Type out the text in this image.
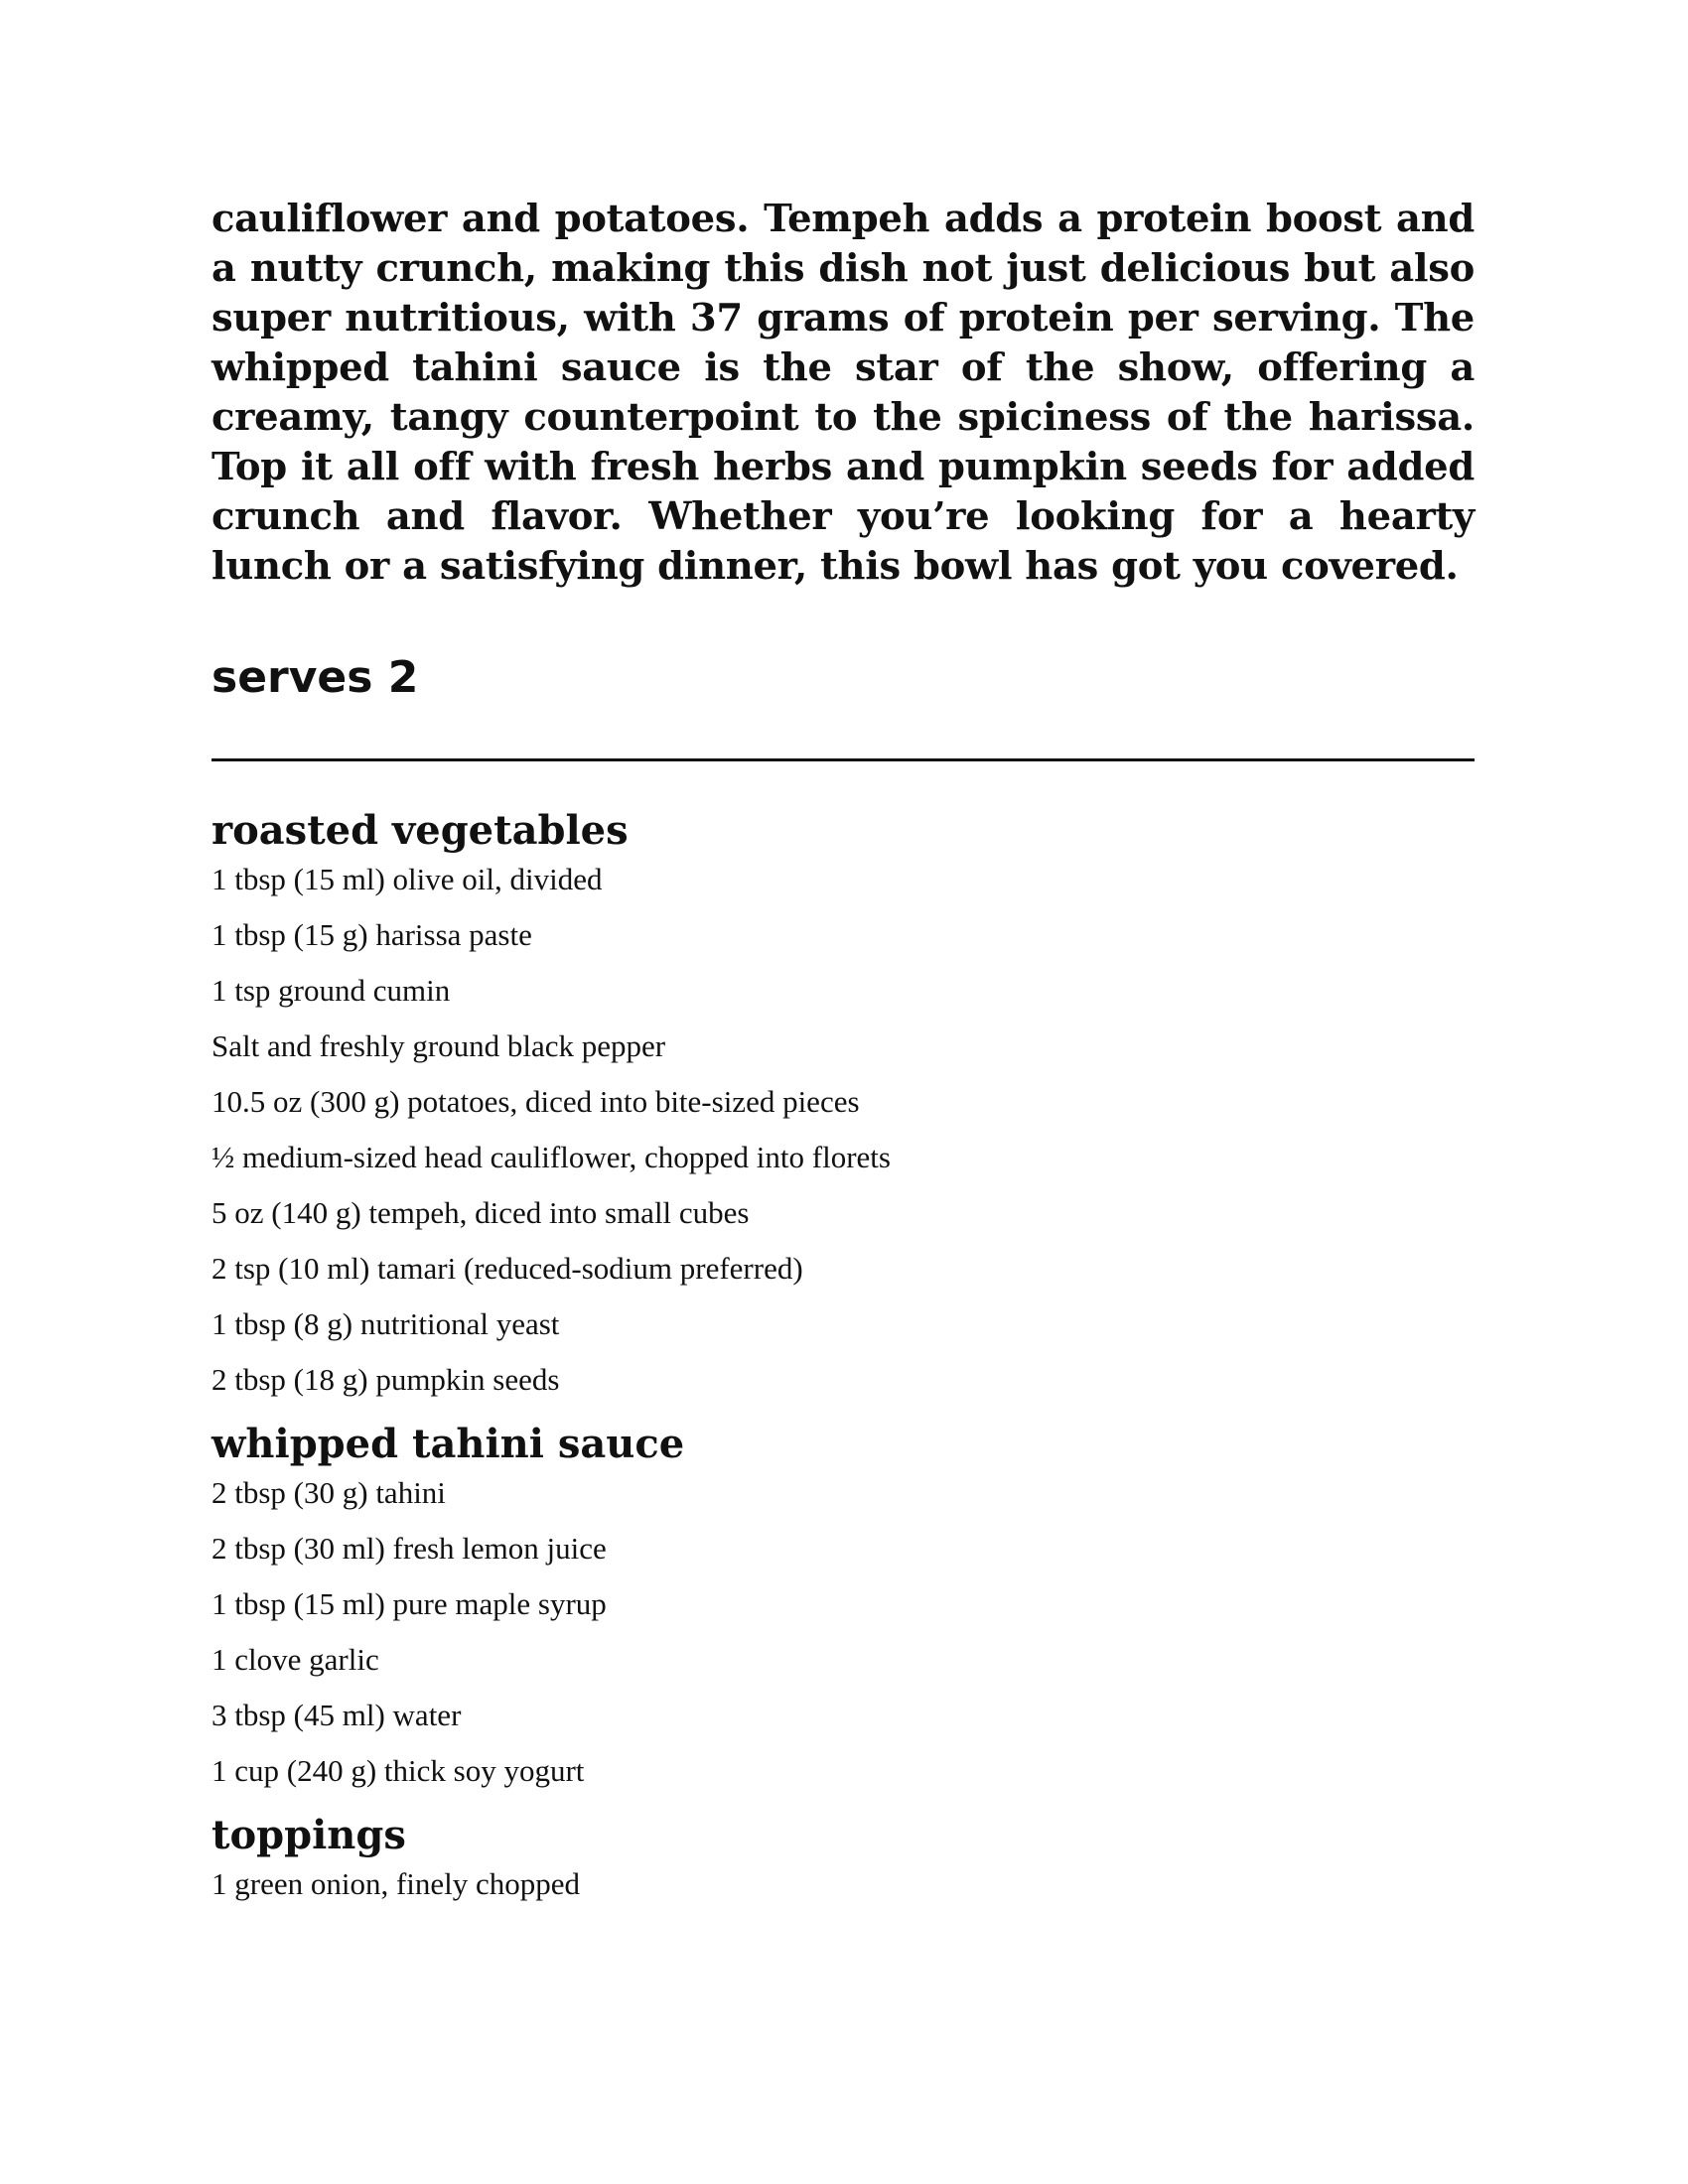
cauliflower and potatoes. Tempeh adds a protein boost and a nutty crunch, making this dish not just delicious but also super nutritious, with 37 grams of protein per serving. The whipped tahini sauce is the star of the show, offering a creamy, tangy counterpoint to the spiciness of the harissa. Top it all off with fresh herbs and pumpkin seeds for added crunch and flavor. Whether you’re looking for a hearty lunch or a satisfying dinner, this bowl has got you covered.

serves 2
roasted vegetables
1 tbsp (15 ml) olive oil, divided
1 tbsp (15 g) harissa paste
1 tsp ground cumin
Salt and freshly ground black pepper
10.5 oz (300 g) potatoes, diced into bite-sized pieces
½ medium-sized head cauliflower, chopped into florets
5 oz (140 g) tempeh, diced into small cubes
2 tsp (10 ml) tamari (reduced-sodium preferred)
1 tbsp (8 g) nutritional yeast
2 tbsp (18 g) pumpkin seeds
whipped tahini sauce
2 tbsp (30 g) tahini
2 tbsp (30 ml) fresh lemon juice
1 tbsp (15 ml) pure maple syrup
1 clove garlic
3 tbsp (45 ml) water
1 cup (240 g) thick soy yogurt
toppings
1 green onion, finely chopped
